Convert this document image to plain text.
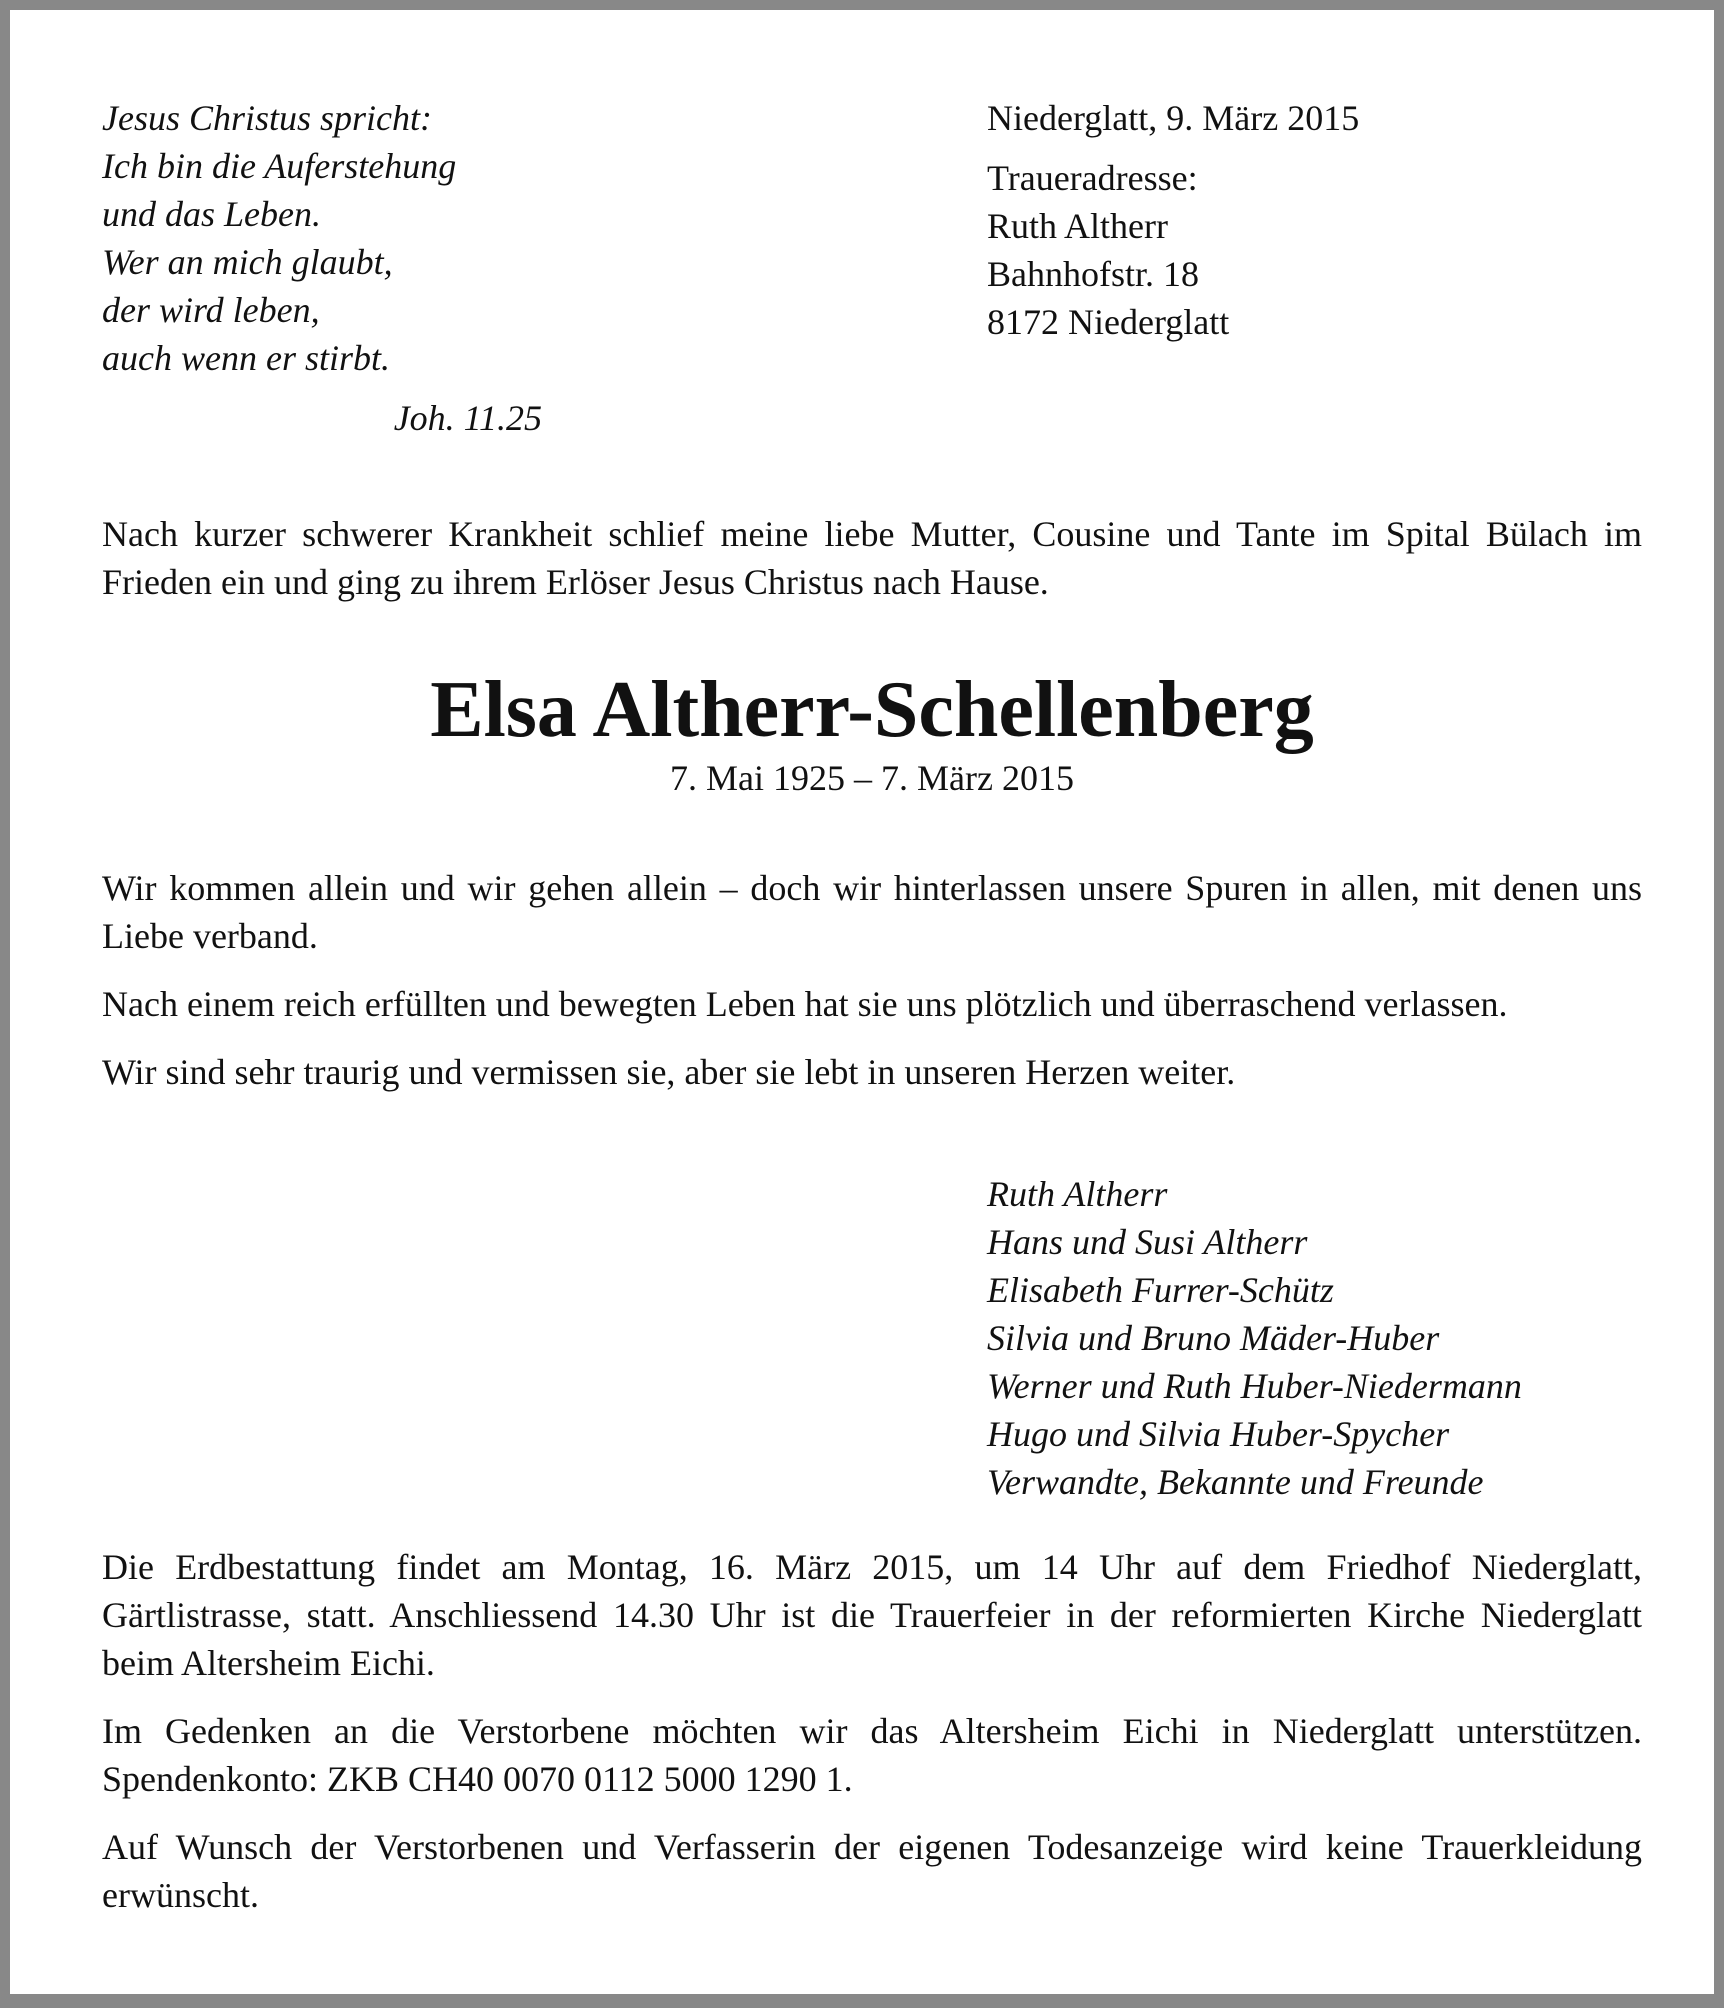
Jesus Christus spricht:
Ich bin die Auferstehung
und das Leben.
Wer an mich glaubt,
der wird leben,
auch wenn er stirbt.
Joh. 11.25
Niederglatt, 9. März 2015
Traueradresse:
Ruth Altherr
Bahnhofstr. 18
8172 Niederglatt
Nach kurzer schwerer Krankheit schlief meine liebe Mutter, Cousine und Tante im Spital Bülach im Frieden ein und ging zu ihrem Erlöser Jesus Christus nach Hause.
Elsa Altherr-Schellenberg
7. Mai 1925 – 7. März 2015

Wir kommen allein und wir gehen allein – doch wir hinterlassen unsere Spuren in allen, mit denen uns Liebe verband.

Nach einem reich erfüllten und bewegten Leben hat sie uns plötzlich und überraschend verlassen.

Wir sind sehr traurig und vermissen sie, aber sie lebt in unseren Herzen weiter.

Ruth Altherr
Hans und Susi Altherr
Elisabeth Furrer-Schütz
Silvia und Bruno Mäder-Huber
Werner und Ruth Huber-Niedermann
Hugo und Silvia Huber-Spycher
Verwandte, Bekannte und Freunde

Die Erdbestattung findet am Montag, 16. März 2015, um 14 Uhr auf dem Friedhof Niederglatt, Gärtlistrasse, statt. Anschliessend 14.30 Uhr ist die Trauerfeier in der reformierten Kirche Niederglatt beim Altersheim Eichi.

Im Gedenken an die Verstorbene möchten wir das Altersheim Eichi in Niederglatt unterstützen. Spendenkonto: ZKB CH40 0070 0112 5000 1290 1.

Auf Wunsch der Verstorbenen und Verfasserin der eigenen Todesanzeige wird keine Trauerkleidung erwünscht.
